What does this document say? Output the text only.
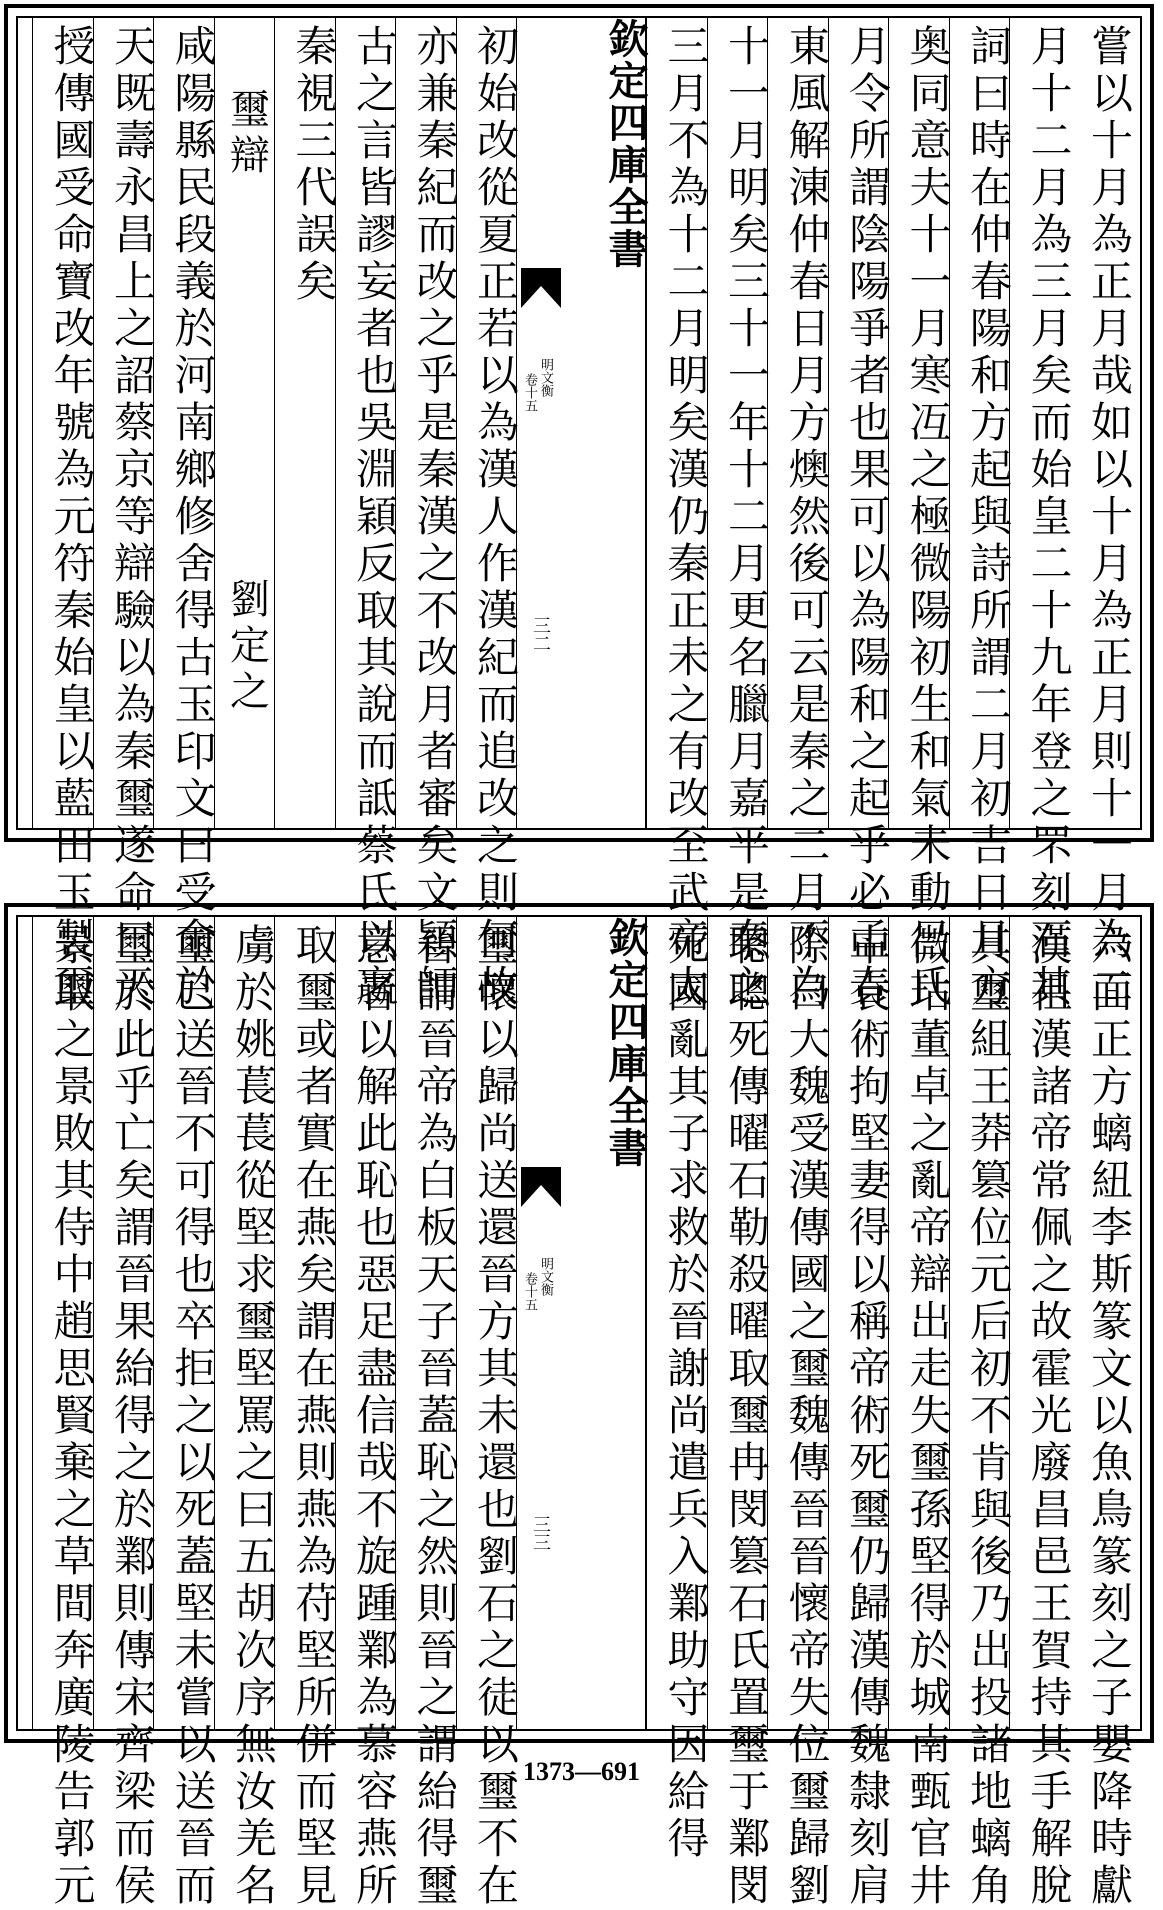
嘗以十月為正月哉如以十月為正月則十一月為二
月十二月為三月矣而始皇二十九年登之罘刻石其
詞曰時在仲春陽和方起與詩所謂二月初吉日月方
奥同意夫十一月寒冱之極微陽初生和氣未動呂氏
月令所謂陰陽爭者也果可以為陽和之起乎必孟春
東風解涷仲春日月方燠然後可云是秦之二月不為
十一月明矣三十一年十二月更名臘月嘉平是秦之
三月不為十二月明矣漢仍秦正未之有改至武帝太
初始改從夏正若以為漢人作漢紀而追改之則何故
亦兼秦紀而改之乎是秦漢之不改月者審矣文穎師
古之言皆謬妄者也吳淵穎反取其說而詆蔡氏以嬴
秦視三代誤矣
璽辯
劉定之
咸陽縣民段義於河南鄉修舍得古玉印文曰受命於
天既壽永昌上之詔蔡京等辯驗以為秦璽遂命曰天
授傳國受命寶改年號為元符秦始皇以藍田玉製璽	欽定四庫全書
明文衡
卷十五
三二
六面正方螭紐李斯篆文以魚鳥篆刻之子嬰降時獻
漢祖漢諸帝常佩之故霍光廢昌邑王賀持其手解脫
其璽組王莽篡位元后初不肯與後乃出投諸地螭角
微玷董卓之亂帝辯出走失璽孫堅得於城南甄官井
中袁術拘堅妻得以稱帝術死璽仍歸漢傳魏隸刻肩
際曰大魏受漢傳國之璽魏傳晉晉懷帝失位璽歸劉
聰聰死傳曜石勒殺曜取璽冉閔篡石氏置璽于鄴閔
死國亂其子求救於晉謝尚遣兵入鄴助守因給得
璽懷以歸尚送還晉方其未還也劉石之徒以璽不在
晉謂晉帝為白板天子晉蓋恥之然則晉之謂紿得璽
意者以解此恥也惡足盡信哉不旋踵鄴為慕容燕所
取璽或者實在燕矣謂在燕則燕為苻堅所併而堅見
虜於姚萇萇從堅求璽堅罵之曰五胡次序無汝羌名
璽已送晉不可得也卒拒之以死蓋堅未嘗以送晉而
璽於此乎亡矣謂晉果紿得之於鄴則傳宋齊梁而侯
景取之景敗其侍中趙思賢棄之草間奔廣陵告郭元	欽定四庫全書
明文衡
卷十五
三三
1373—691
